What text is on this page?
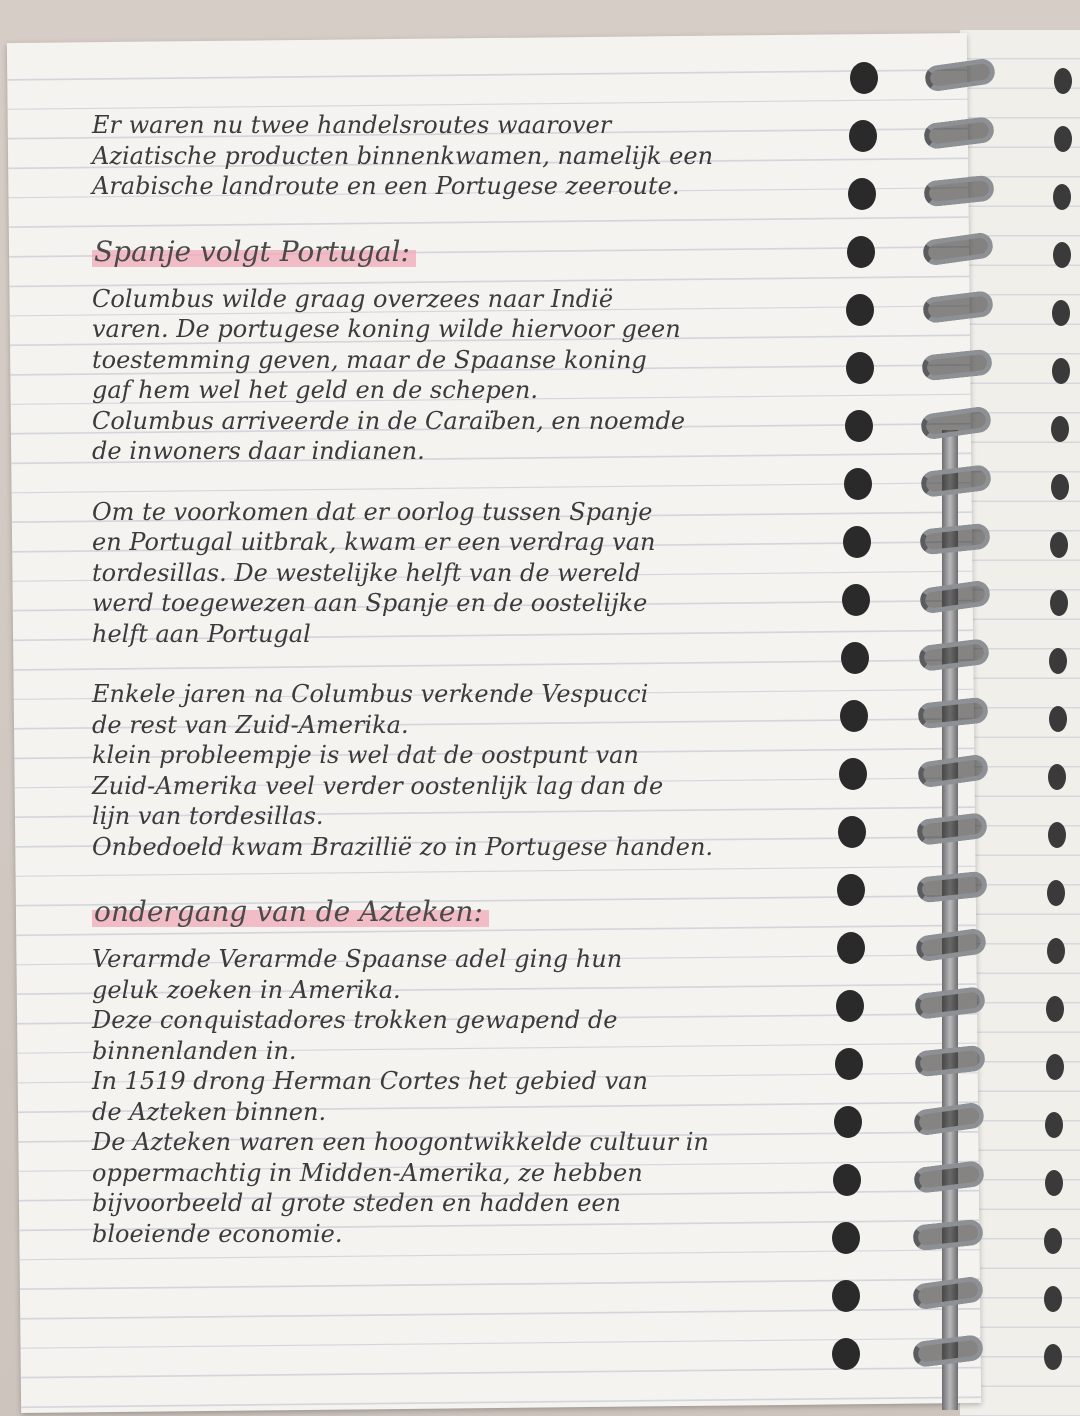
Er waren nu twee handelsroutes waarover
Aziatische producten binnenkwamen, namelijk een
Arabische landroute en een Portugese zeeroute.
Spanje volgt Portugal:
Columbus wilde graag overzees naar Indië
varen. De portugese koning wilde hiervoor geen
toestemming geven, maar de Spaanse koning
gaf hem wel het geld en de schepen.
Columbus arriveerde in de Caraïben, en noemde
de inwoners daar indianen.
Om te voorkomen dat er oorlog tussen Spanje
en Portugal uitbrak, kwam er een verdrag van
tordesillas. De westelijke helft van de wereld
werd toegewezen aan Spanje en de oostelijke
helft aan Portugal
Enkele jaren na Columbus verkende Vespucci
de rest van Zuid-Amerika.
klein probleempje is wel dat de oostpunt van
Zuid-Amerika veel verder oostenlijk lag dan de
lijn van tordesillas.
Onbedoeld kwam Brazillië zo in Portugese handen.
ondergang van de Azteken:
Verarmde Verarmde Spaanse adel ging hun
geluk zoeken in Amerika.
Deze conquistadores trokken gewapend de
binnenlanden in.
In 1519 drong Herman Cortes het gebied van
de Azteken binnen.
De Azteken waren een hoogontwikkelde cultuur in
oppermachtig in Midden-Amerika, ze hebben
bijvoorbeeld al grote steden en hadden een
bloeiende economie.
